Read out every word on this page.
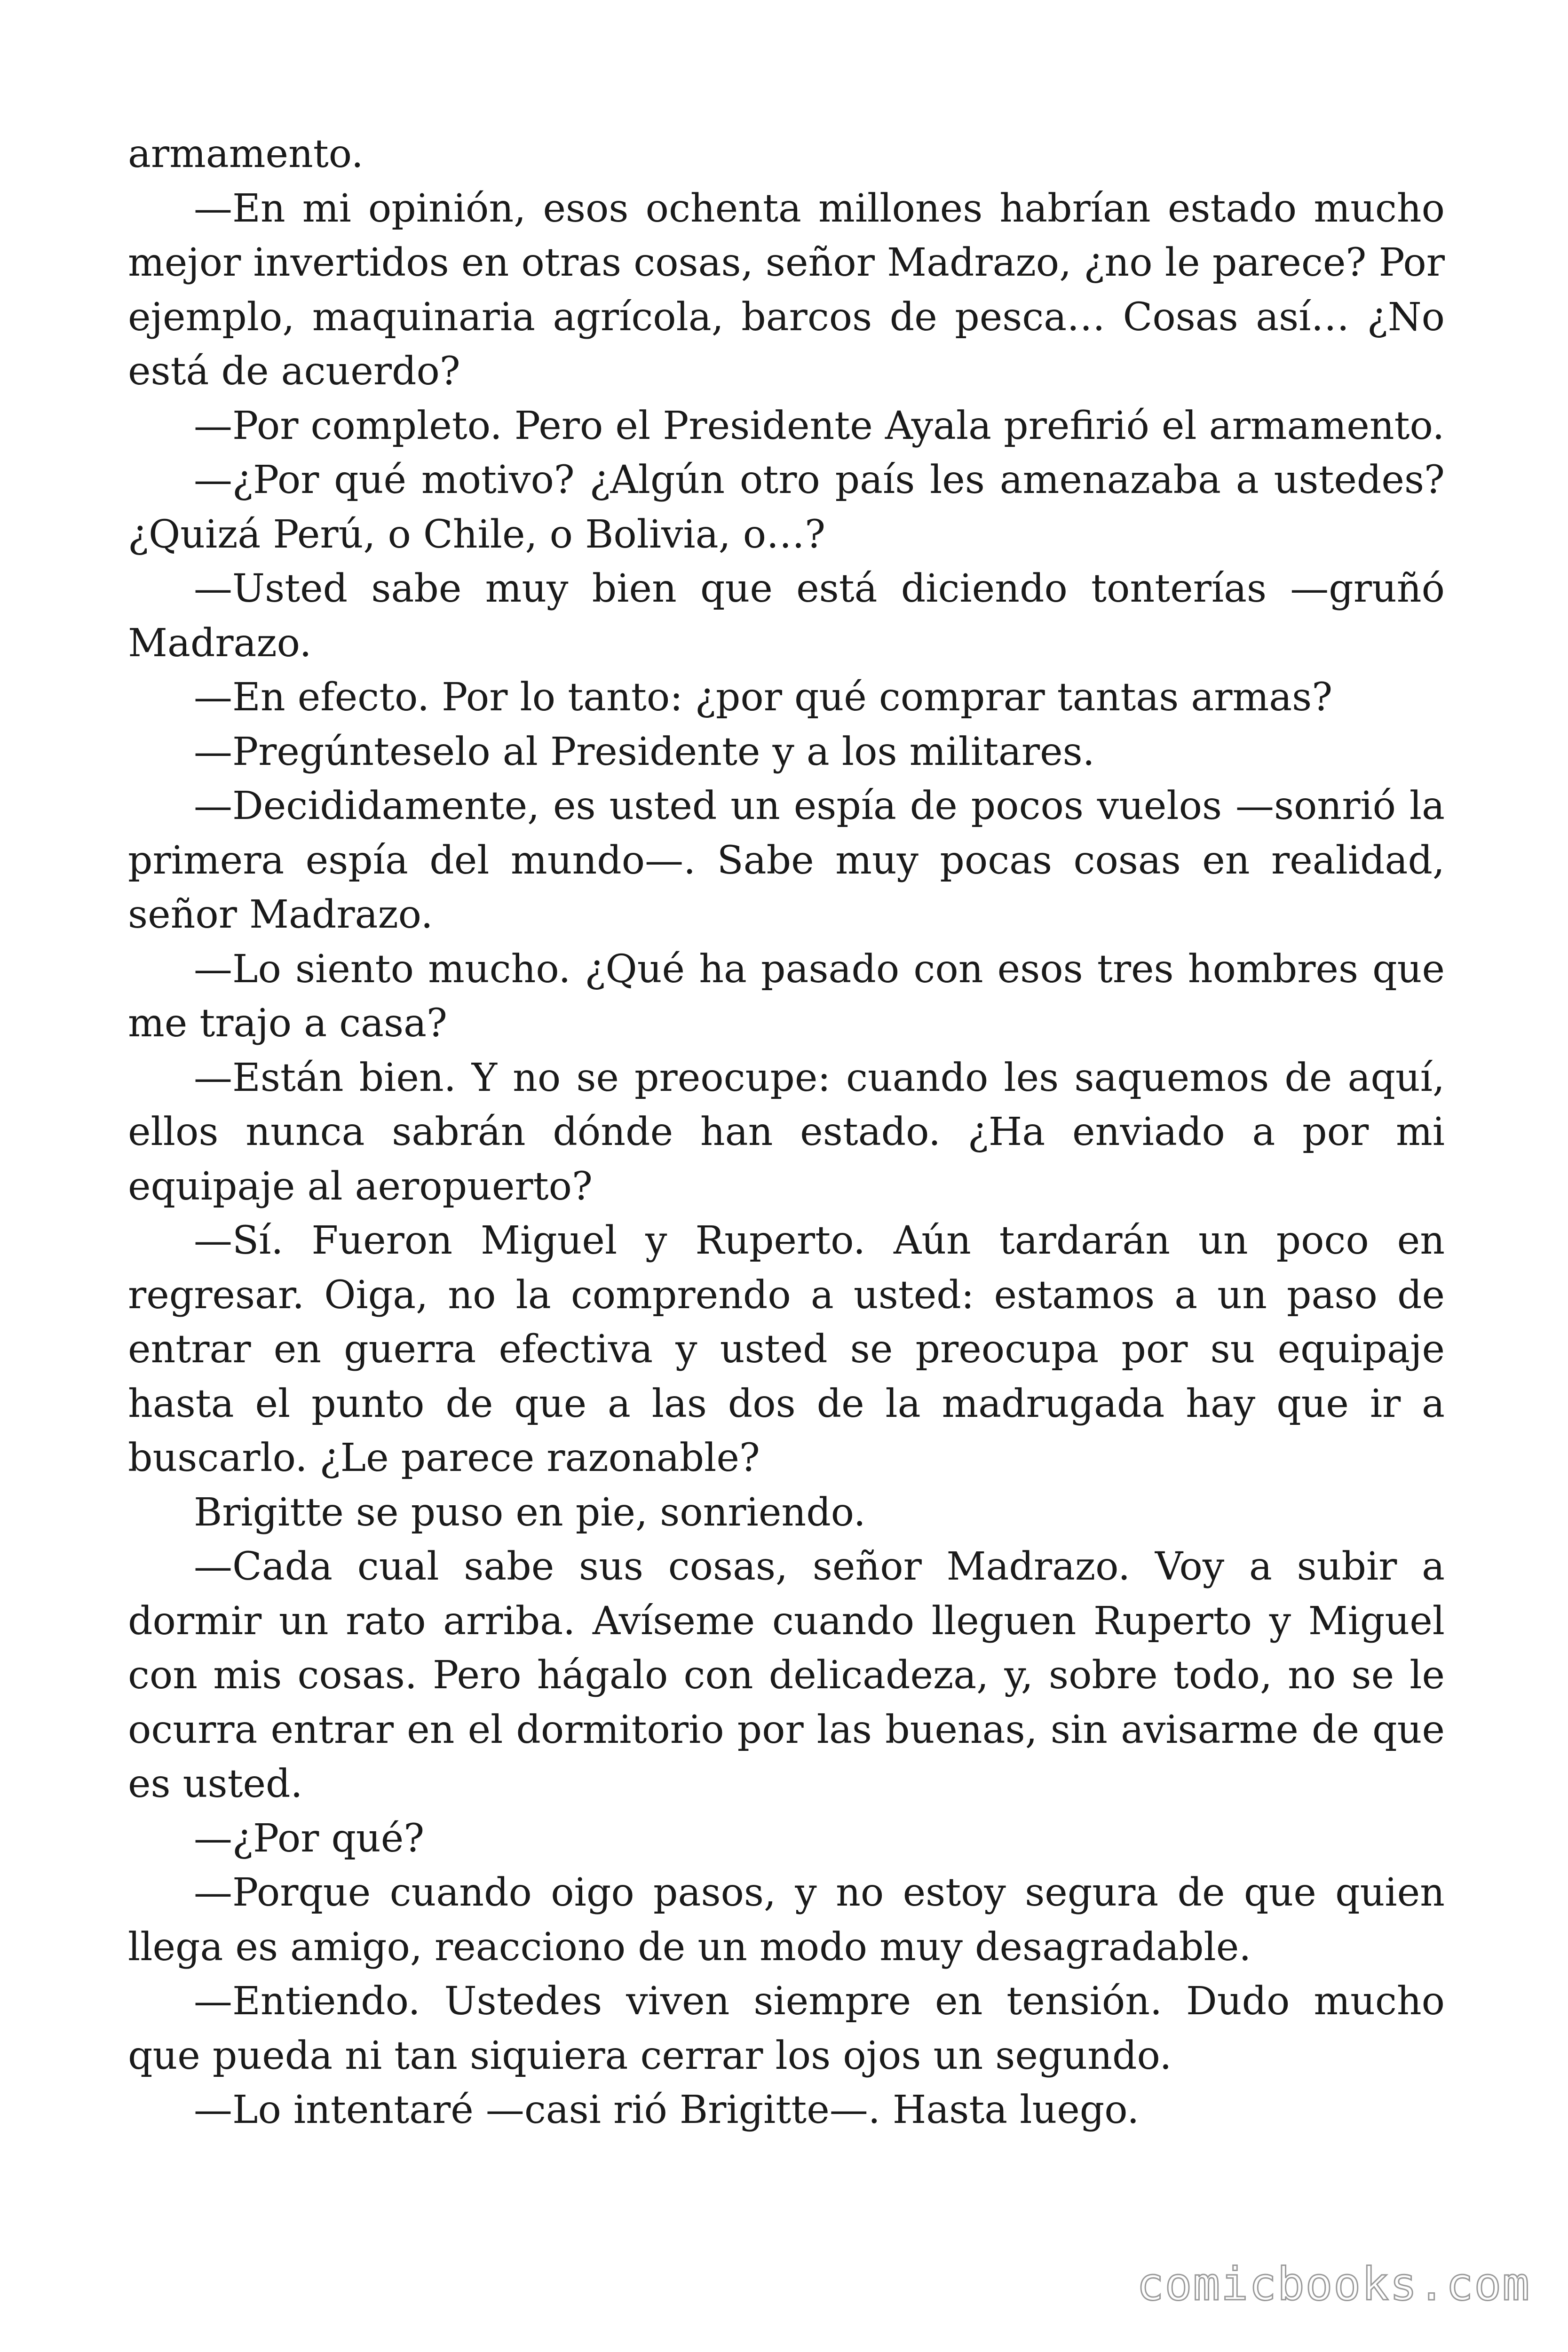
armamento.

—En mi opinión, esos ochenta millones habrían estado mucho mejor invertidos en otras cosas, señor Madrazo, ¿no le parece? Por ejemplo, maquinaria agrícola, barcos de pesca… Cosas así… ¿No está de acuerdo?

—Por completo. Pero el Presidente Ayala prefirió el armamento.

—¿Por qué motivo? ¿Algún otro país les amenazaba a ustedes? ¿Quizá Perú, o Chile, o Bolivia, o…?

—Usted sabe muy bien que está diciendo tonterías —gruñó Madrazo.

—En efecto. Por lo tanto: ¿por qué comprar tantas armas?

—Pregúnteselo al Presidente y a los militares.

—Decididamente, es usted un espía de pocos vuelos —sonrió la primera espía del mundo—. Sabe muy pocas cosas en realidad, señor Madrazo.

—Lo siento mucho. ¿Qué ha pasado con esos tres hombres que me trajo a casa?

—Están bien. Y no se preocupe: cuando les saquemos de aquí, ellos nunca sabrán dónde han estado. ¿Ha enviado a por mi equipaje al aeropuerto?

—Sí. Fueron Miguel y Ruperto. Aún tardarán un poco en regresar. Oiga, no la comprendo a usted: estamos a un paso de entrar en guerra efectiva y usted se preocupa por su equipaje hasta el punto de que a las dos de la madrugada hay que ir a buscarlo. ¿Le parece razonable?

Brigitte se puso en pie, sonriendo.

—Cada cual sabe sus cosas, señor Madrazo. Voy a subir a dormir un rato arriba. Avíseme cuando lleguen Ruperto y Miguel con mis cosas. Pero hágalo con delicadeza, y, sobre todo, no se le ocurra entrar en el dormitorio por las buenas, sin avisarme de que es usted.

—¿Por qué?

—Porque cuando oigo pasos, y no estoy segura de que quien llega es amigo, reacciono de un modo muy desagradable.

—Entiendo. Ustedes viven siempre en tensión. Dudo mucho que pueda ni tan siquiera cerrar los ojos un segundo.

—Lo intentaré —casi rió Brigitte—. Hasta luego.

comicbooks.com
